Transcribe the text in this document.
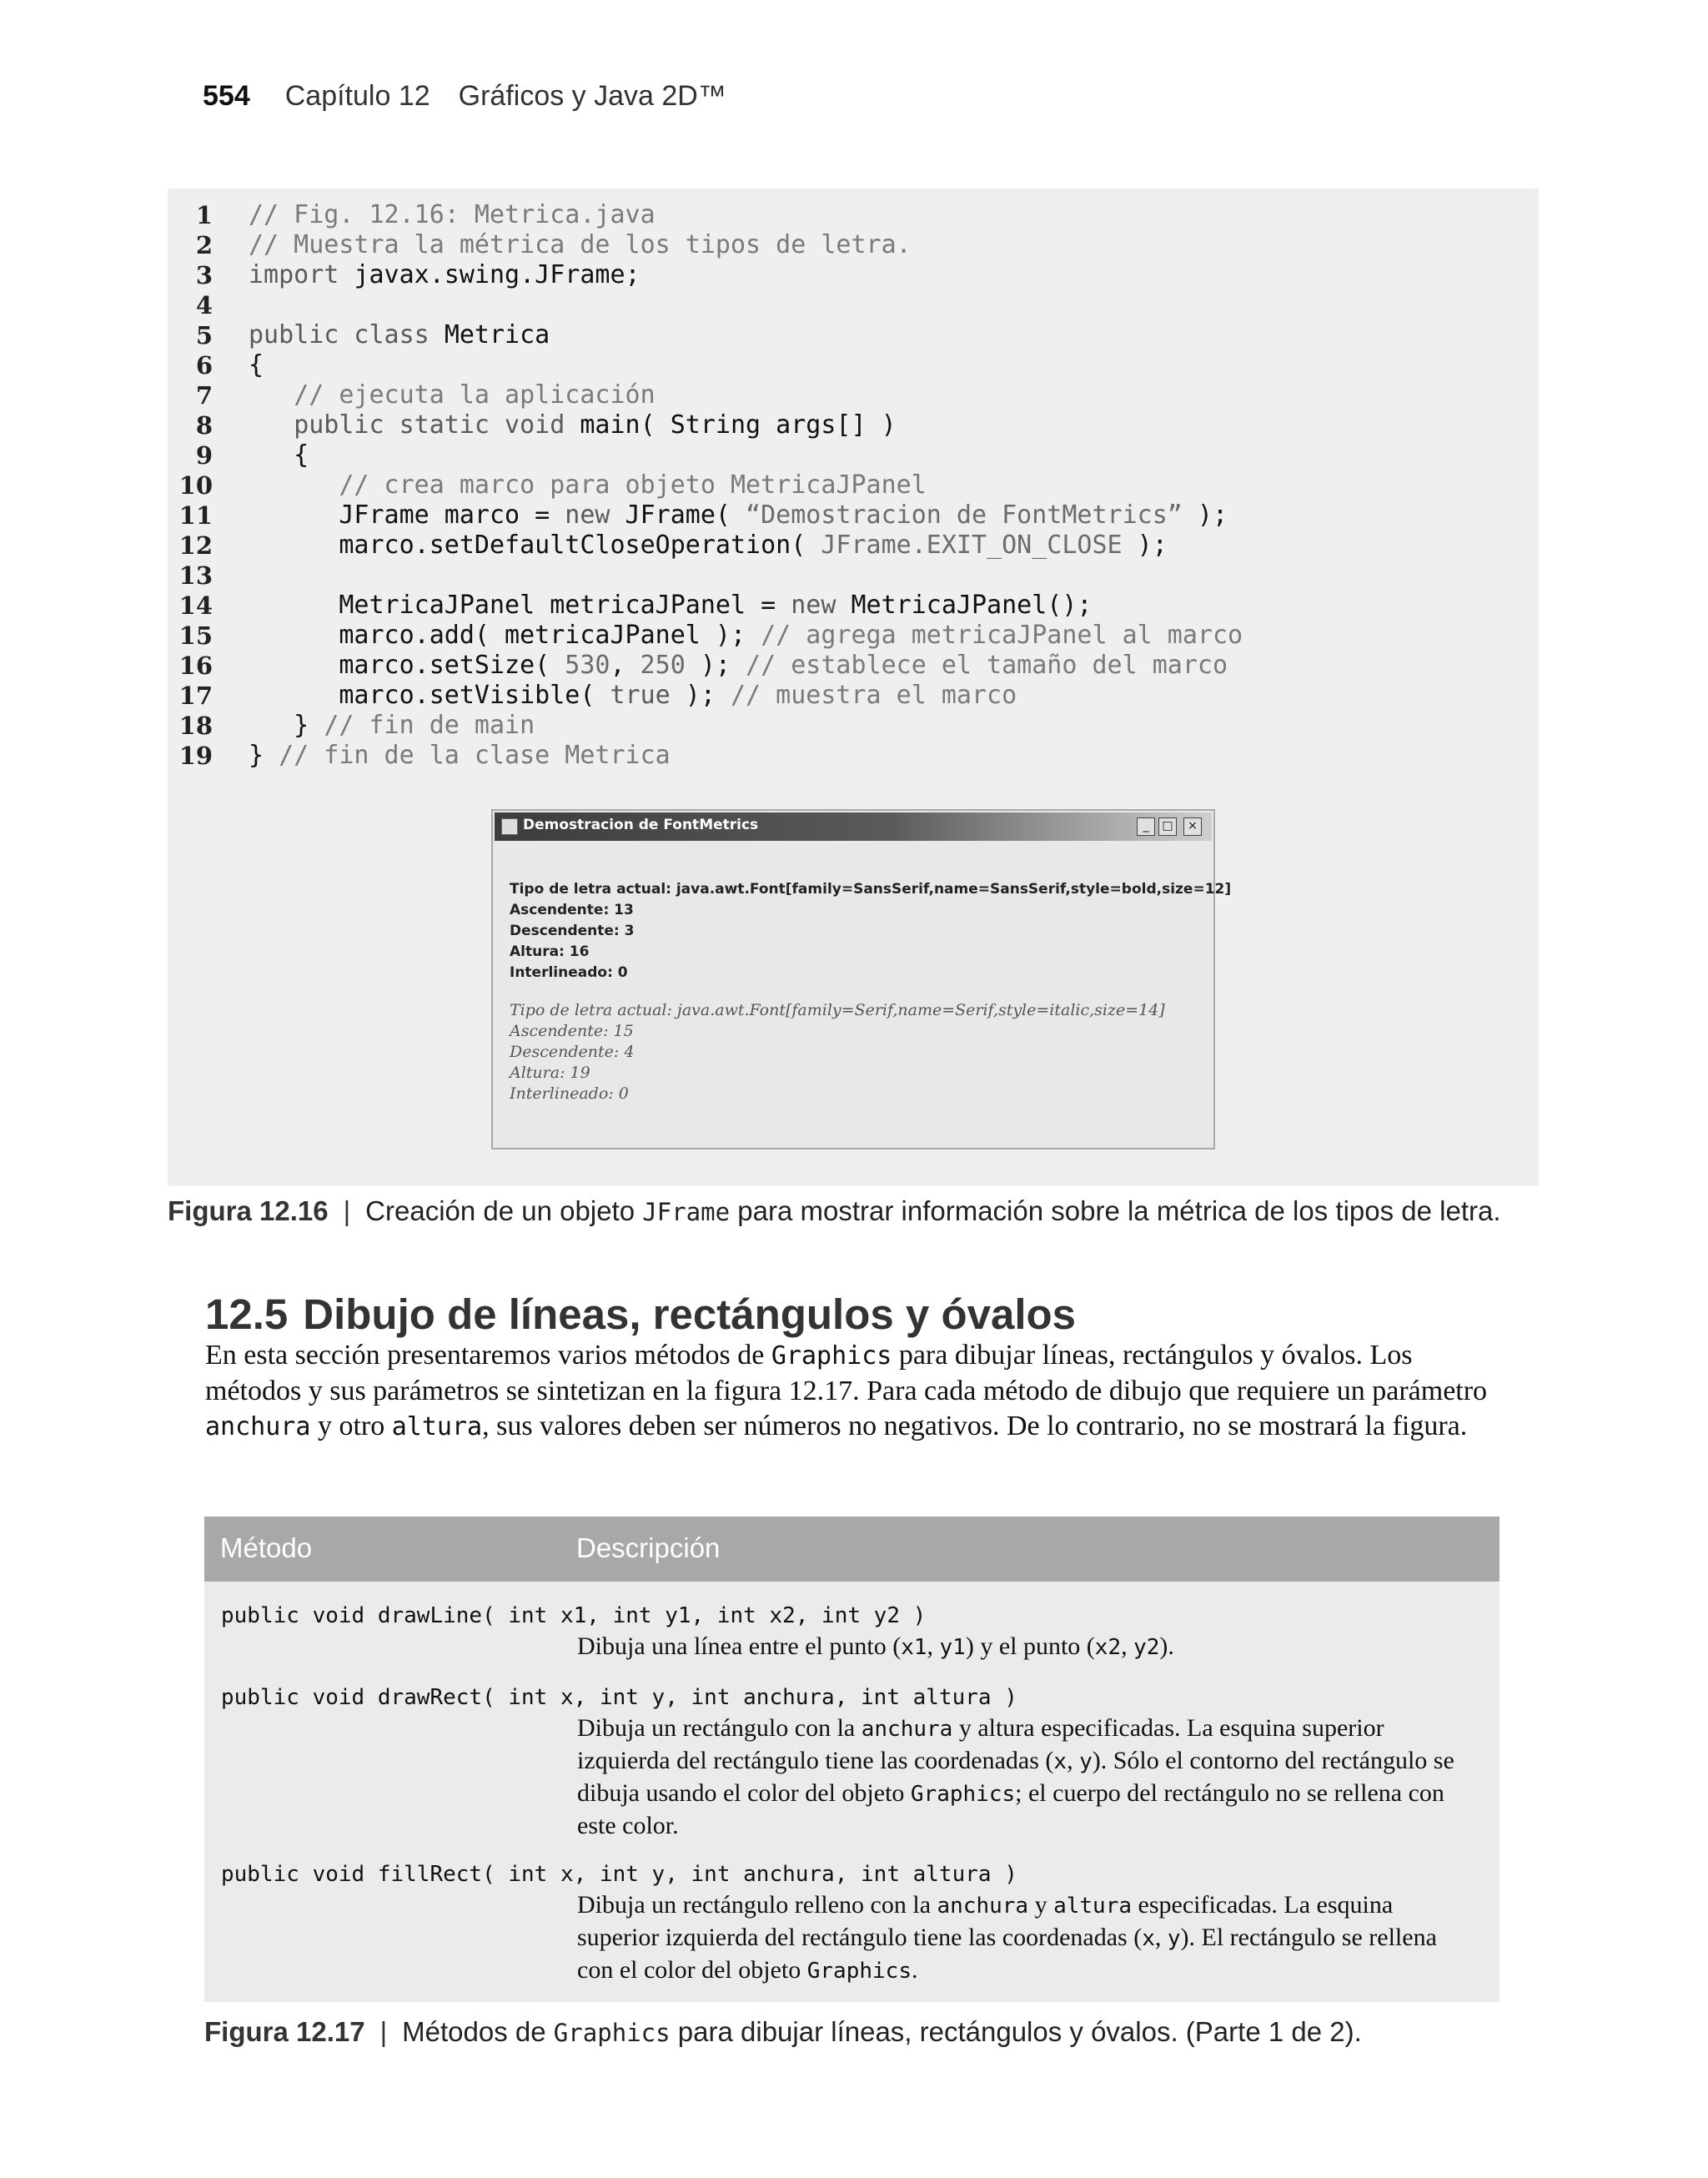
554 Capítulo 12 Gráficos y Java 2D™
Demostracion de FontMetrics	_	□	×
Tipo de letra actual: java.awt.Font[family=SansSerif,name=SansSerif,style=bold,size=12]
Ascendente: 13
Descendente: 3
Altura: 16
Interlineado: 0
Tipo de letra actual: java.awt.Font[family=Serif,name=Serif,style=italic,size=14]
Ascendente: 15
Descendente: 4
Altura: 19
Interlineado: 0
1 // Fig. 12.16: Metrica.java
2 // Muestra la métrica de los tipos de letra.
3 import javax.swing.JFrame;
4
5 public class Metrica
6 {
7	// ejecuta la aplicación
8	public static void main( String args[] )
9 {
10	// crea marco para objeto MetricaJPanel
11 JFrame marco = new JFrame( “Demostracion de FontMetrics” );
12 marco.setDefaultCloseOperation( JFrame.EXIT_ON_CLOSE );
13
14 MetricaJPanel metricaJPanel = new MetricaJPanel();
15 marco.add( metricaJPanel ); // agrega metricaJPanel al marco
16 marco.setSize( 530, 250 ); // establece el tamaño del marco
17 marco.setVisible( true ); // muestra el marco
18 } // fin de main
19 } // fin de la clase Metrica
Figura 12.16 | Creación de un objeto JFrame para mostrar información sobre la métrica de los tipos de letra.
12.5 Dibujo de líneas, rectángulos y óvalos
En esta sección presentaremos varios métodos de Graphics para dibujar líneas, rectángulos y óvalos. Los métodos y sus parámetros se sintetizan en la figura 12.17. Para cada método de dibujo que requiere un parámetro anchura y otro altura, sus valores deben ser números no negativos. De lo contrario, no se mostrará la figura.
Método	Descripción
public void drawLine( int x1, int y1, int x2, int y2 )
Dibuja una línea entre el punto (x1, y1) y el punto (x2, y2).
public void drawRect( int x, int y, int anchura, int altura )
Dibuja un rectángulo con la anchura y altura especificadas. La esquina superior izquierda del rectángulo tiene las coordenadas (x, y). Sólo el contorno del rectángulo se dibuja usando el color del objeto Graphics; el cuerpo del rectángulo no se rellena con este color.
public void fillRect( int x, int y, int anchura, int altura )
Dibuja un rectángulo relleno con la anchura y altura especificadas. La esquina superior izquierda del rectángulo tiene las coordenadas (x, y). El rectángulo se rellena con el color del objeto Graphics.
Figura 12.17 | Métodos de Graphics para dibujar líneas, rectángulos y óvalos. (Parte 1 de 2).
